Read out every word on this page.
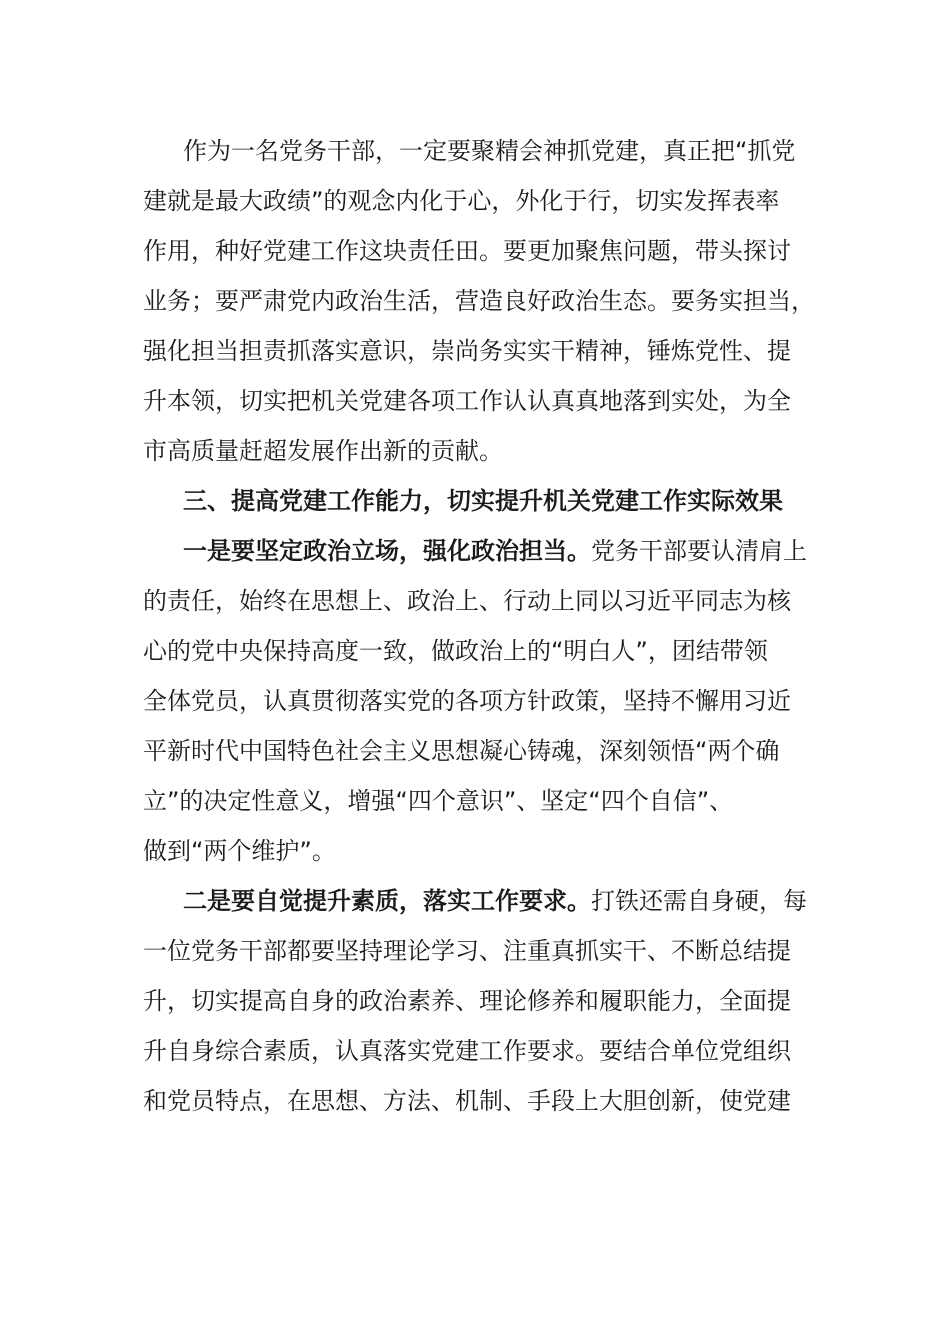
作为一名党务干部，一定要聚精会神抓党建，真正把“抓党
建就是最大政绩”的观念内化于心，外化于行，切实发挥表率
作用，种好党建工作这块责任田。要更加聚焦问题，带头探讨
业务；要严肃党内政治生活，营造良好政治生态。要务实担当，
强化担当担责抓落实意识，崇尚务实实干精神，锤炼党性、提
升本领，切实把机关党建各项工作认认真真地落到实处，为全
市高质量赶超发展作出新的贡献。
三、提高党建工作能力，切实提升机关党建工作实际效果
一是要坚定政治立场，强化政治担当。党务干部要认清肩上
的责任，始终在思想上、政治上、行动上同以习近平同志为核
心的党中央保持高度一致，做政治上的“明白人”，团结带领
全体党员，认真贯彻落实党的各项方针政策，坚持不懈用习近
平新时代中国特色社会主义思想凝心铸魂，深刻领悟“两个确
立”的决定性意义，增强“四个意识”、坚定“四个自信”、
做到“两个维护”。
二是要自觉提升素质，落实工作要求。打铁还需自身硬，每
一位党务干部都要坚持理论学习、注重真抓实干、不断总结提
升，切实提高自身的政治素养、理论修养和履职能力，全面提
升自身综合素质，认真落实党建工作要求。要结合单位党组织
和党员特点，在思想、方法、机制、手段上大胆创新，使党建
